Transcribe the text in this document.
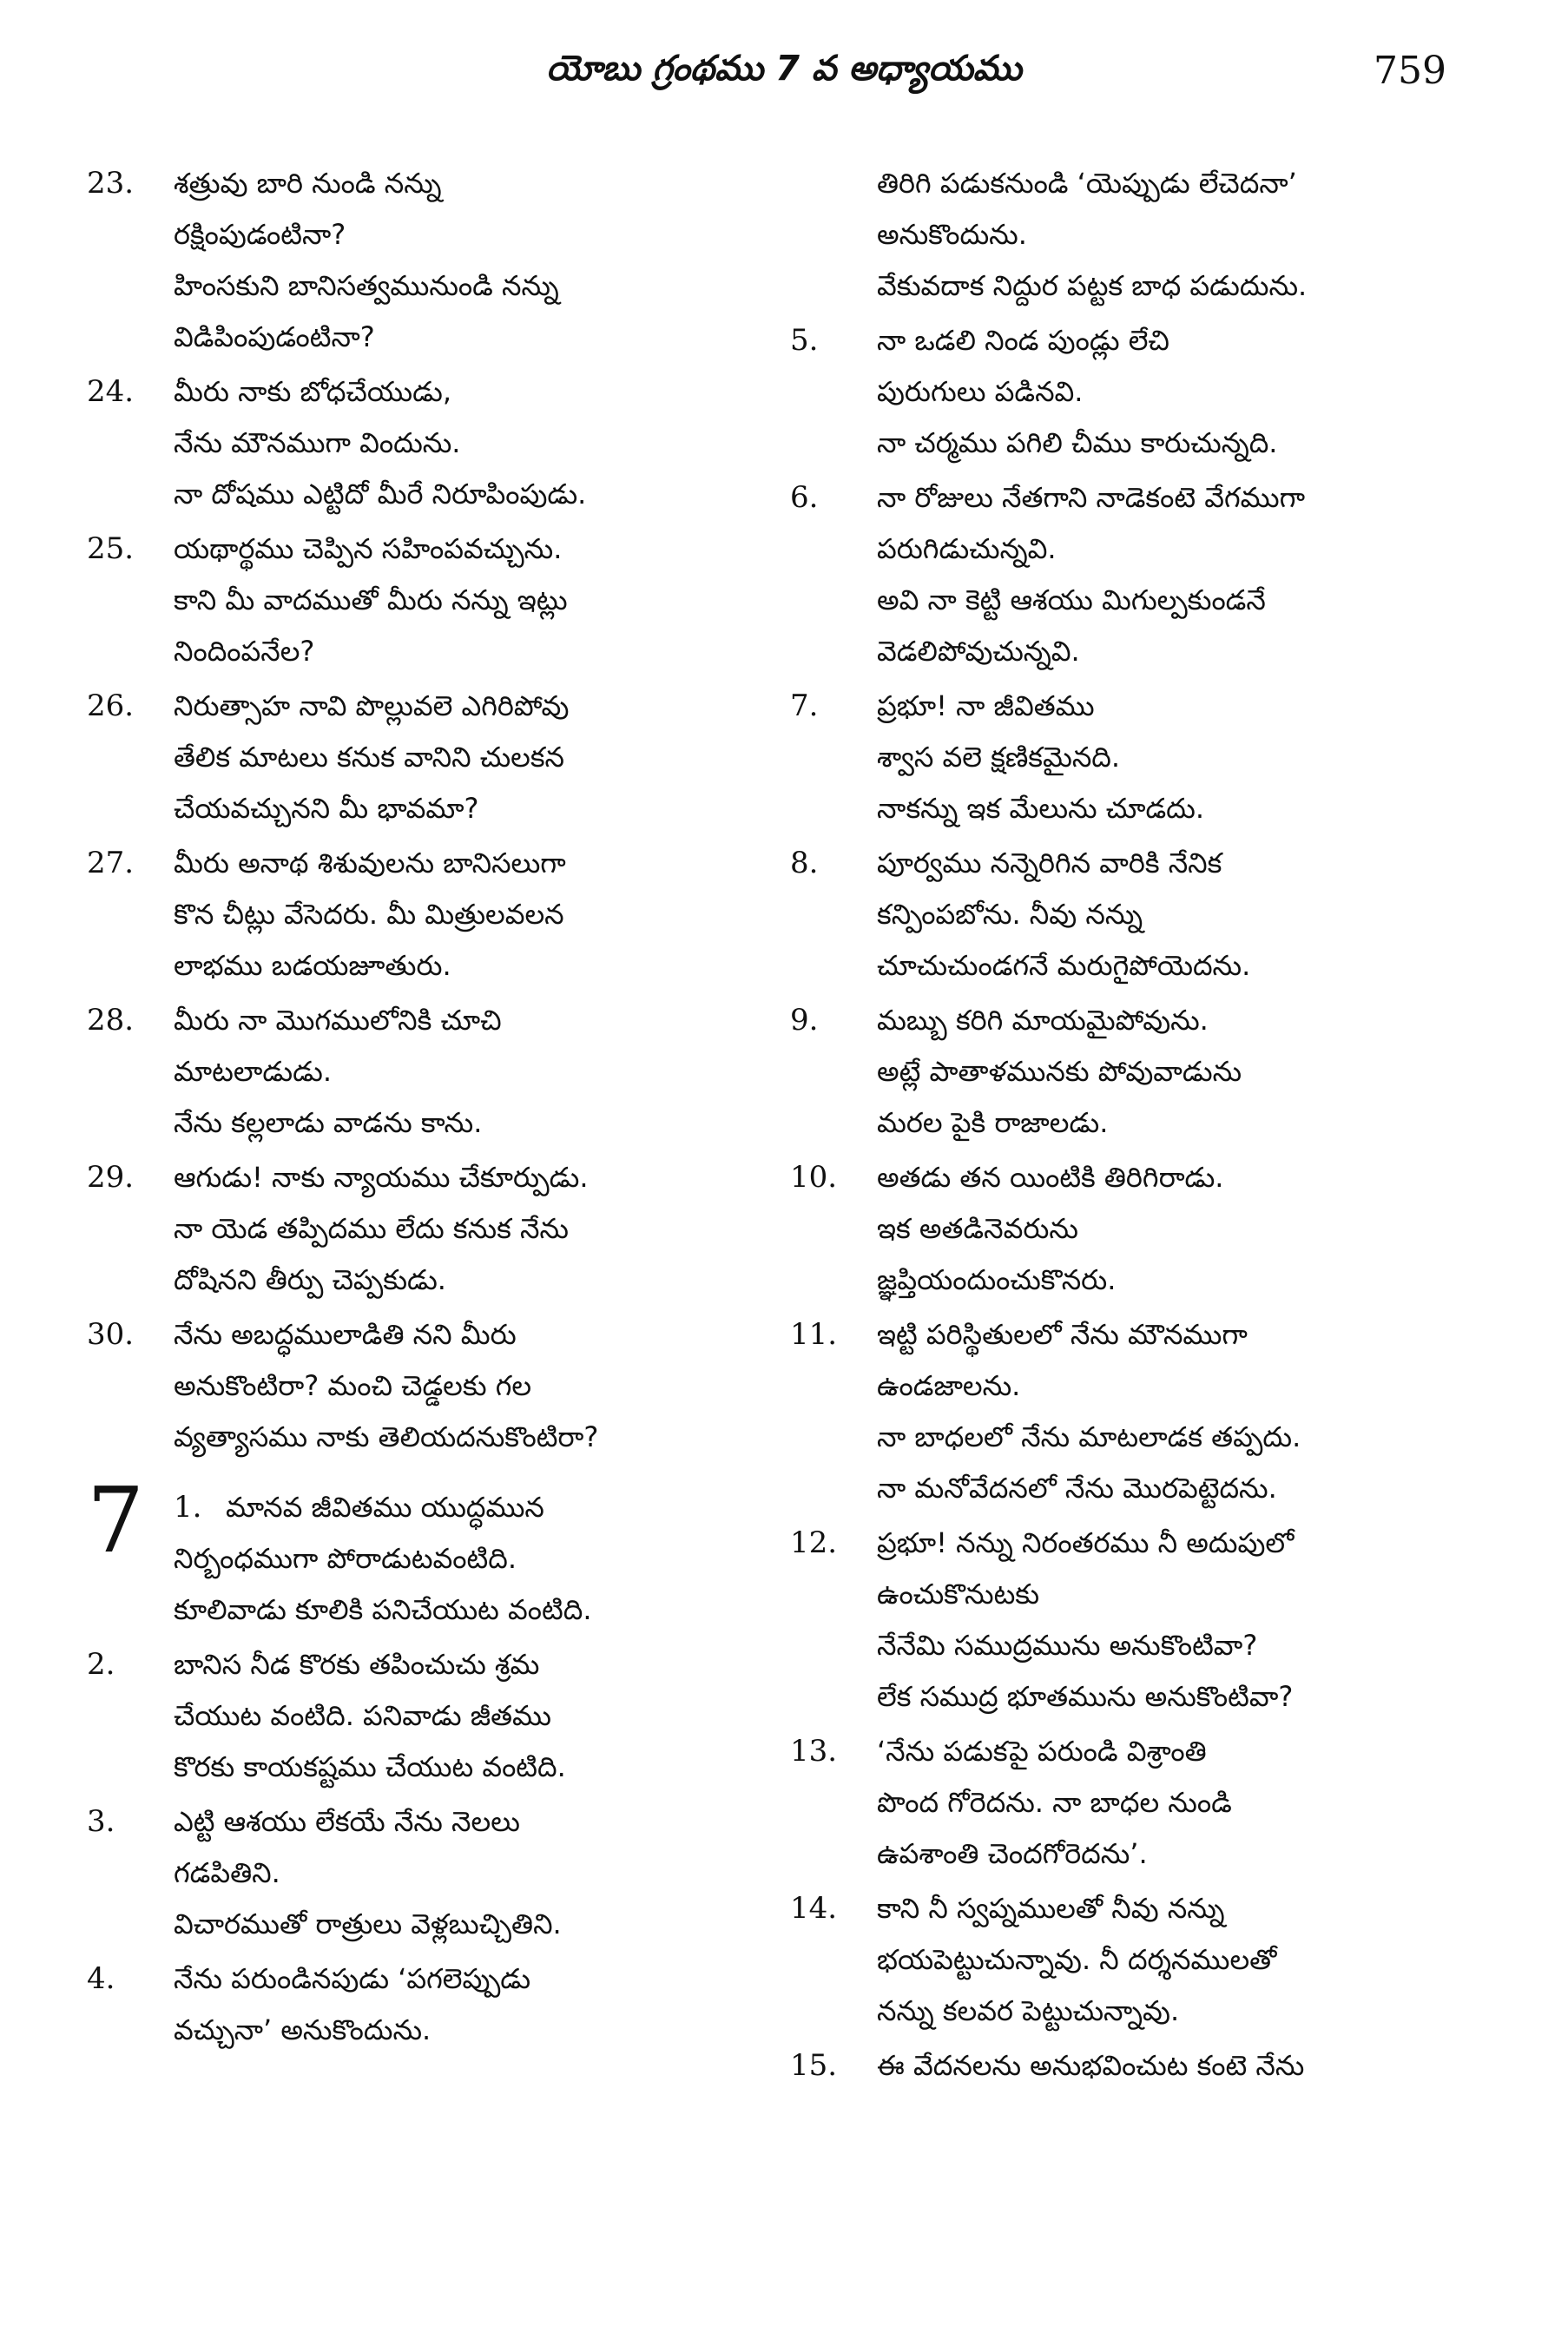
యోబు గ్రంథము 7 వ అధ్యాయము	759
23. శత్రువు బారి నుండి నన్ను
రక్షింపుడంటినా?
హింసకుని బానిసత్వమునుండి నన్ను
విడిపింపుడంటినా?
24. మీరు నాకు బోధచేయుడు,
నేను మౌనముగా విందును.
నా దోషము ఎట్టిదో మీరే నిరూపింపుడు.
25. యథార్థము చెప్పిన సహింపవచ్చును.
కాని మీ వాదముతో మీరు నన్ను ఇట్లు
నిందింపనేల?
26. నిరుత్సాహ నావి పొల్లువలె ఎగిరిపోవు
తేలిక మాటలు కనుక వానిని చులకన
చేయవచ్చునని మీ భావమా?
27. మీరు అనాథ శిశువులను బానిసలుగా
కొన చీట్లు వేసెదరు. మీ మిత్రులవలన
లాభము బడయజూతురు.
28. మీరు నా మొగములోనికి చూచి
మాటలాడుడు.
నేను కల్లలాడు వాడను కాను.
29. ఆగుడు! నాకు న్యాయము చేకూర్పుడు.
నా యెడ తప్పిదము లేదు కనుక నేను
దోషినని తీర్పు చెప్పకుడు.
30. నేను అబద్ధములాడితి నని మీరు
అనుకొంటిరా? మంచి చెడ్డలకు గల
వ్యత్యాసము నాకు తెలియదనుకొంటిరా?
7 1. మానవ జీవితము యుద్ధమున
నిర్బంధముగా పోరాడుటవంటిది.
కూలివాడు కూలికి పనిచేయుట వంటిది.
2. బానిస నీడ కొరకు తపించుచు శ్రమ
చేయుట వంటిది. పనివాడు జీతము
కొరకు కాయకష్టము చేయుట వంటిది.
3. ఎట్టి ఆశయు లేకయే నేను నెలలు
గడపితిని.
విచారముతో రాత్రులు వెళ్లబుచ్చితిని.
4. నేను పరుండినపుడు ‘పగలెప్పుడు
వచ్చునా’ అనుకొందును.
తిరిగి పడుకనుండి ‘యెప్పుడు లేచెదనా’
అనుకొందును.
వేకువదాక నిద్దుర పట్టక బాధ పడుదును.
5. నా ఒడలి నిండ పుండ్లు లేచి
పురుగులు పడినవి.
నా చర్మము పగిలి చీము కారుచున్నది.
6. నా రోజులు నేతగాని నాడెకంటె వేగముగా
పరుగిడుచున్నవి.
అవి నా కెట్టి ఆశయు మిగుల్పకుండనే
వెడలిపోవుచున్నవి.
7. ప్రభూ! నా జీవితము
శ్వాస వలె క్షణికమైనది.
నాకన్ను ఇక మేలును చూడదు.
8. పూర్వము నన్నెరిగిన వారికి నేనిక
కన్పింపబోను. నీవు నన్ను
చూచుచుండగనే మరుగైపోయెదను.
9. మబ్బు కరిగి మాయమైపోవును.
అట్లే పాతాళమునకు పోవువాడును
మరల పైకి రాజాలడు.
10. అతడు తన యింటికి తిరిగిరాడు.
ఇక అతడినెవరును
జ్ఞప్తియందుంచుకొనరు.
11. ఇట్టి పరిస్థితులలో నేను మౌనముగా
ఉండజాలను.
నా బాధలలో నేను మాటలాడక తప్పదు.
నా మనోవేదనలో నేను మొరపెట్టెదను.
12. ప్రభూ! నన్ను నిరంతరము నీ అదుపులో
ఉంచుకొనుటకు
నేనేమి సముద్రమును అనుకొంటివా?
లేక సముద్ర భూతమును అనుకొంటివా?
13. ‘నేను పడుకపై పరుండి విశ్రాంతి
పొంద గోరెదను. నా బాధల నుండి
ఉపశాంతి చెందగోరెదను’.
14. కాని నీ స్వప్నములతో నీవు నన్ను
భయపెట్టుచున్నావు. నీ దర్శనములతో
నన్ను కలవర పెట్టుచున్నావు.
15. ఈ వేదనలను అనుభవించుట కంటె నేను
